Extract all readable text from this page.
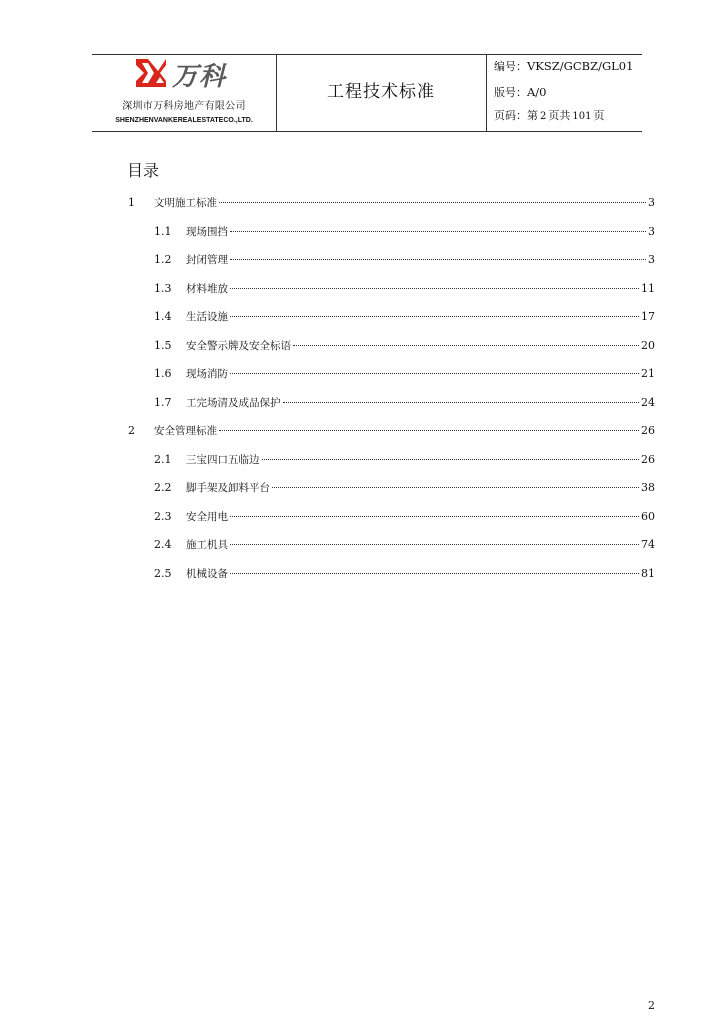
万科
深圳市万科房地产有限公司
SHENZHENVANKEREALESTATECO.,LTD.
工程技术标准
编号：VKSZ/GCBZ/GL01
版号：A/0
页码：第 2 页共 101 页
目录
1	文明施工标准	3
1.1	现场围挡	3
1.2	封闭管理	3
1.3	材料堆放	11
1.4	生活设施	17
1.5	安全警示牌及安全标语	20
1.6	现场消防	21
1.7	工完场清及成品保护	24
2	安全管理标准	26
2.1	三宝四口五临边	26
2.2	脚手架及卸料平台	38
2.3	安全用电	60
2.4	施工机具	74
2.5	机械设备	81
2
